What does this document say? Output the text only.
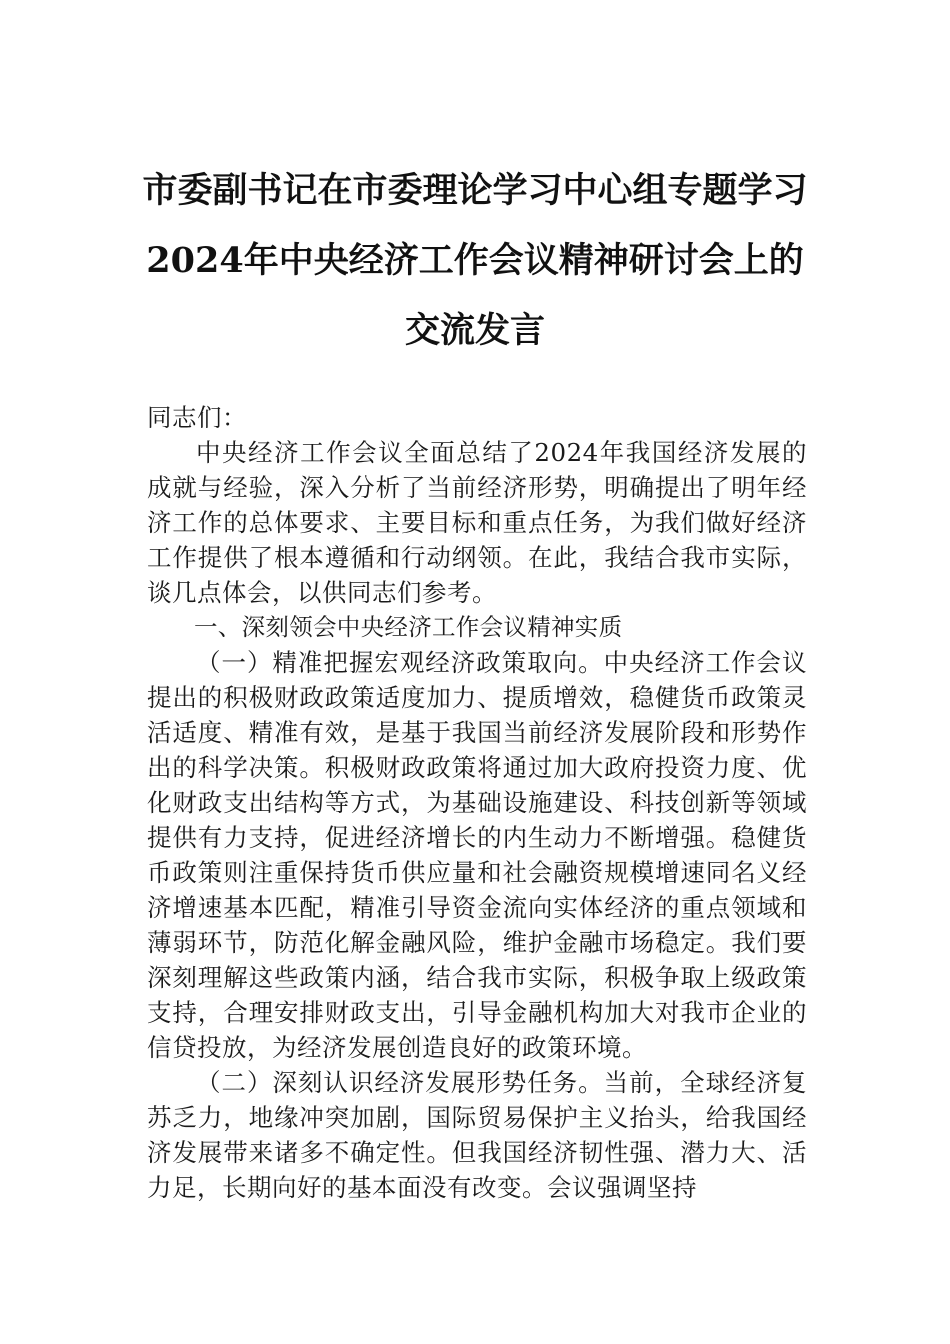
市委副书记在市委理论学习中心组专题学习2024年中央经济工作会议精神研讨会上的交流发言

同志们：

中央经济工作会议全面总结了2024年我国经济发展的成就与经验，深入分析了当前经济形势，明确提出了明年经济工作的总体要求、主要目标和重点任务，为我们做好经济工作提供了根本遵循和行动纲领。在此，我结合我市实际，谈几点体会，以供同志们参考。

一、深刻领会中央经济工作会议精神实质

（一）精准把握宏观经济政策取向。中央经济工作会议提出的积极财政政策适度加力、提质增效，稳健货币政策灵活适度、精准有效，是基于我国当前经济发展阶段和形势作出的科学决策。积极财政政策将通过加大政府投资力度、优化财政支出结构等方式，为基础设施建设、科技创新等领域提供有力支持，促进经济增长的内生动力不断增强。稳健货币政策则注重保持货币供应量和社会融资规模增速同名义经济增速基本匹配，精准引导资金流向实体经济的重点领域和薄弱环节，防范化解金融风险，维护金融市场稳定。我们要深刻理解这些政策内涵，结合我市实际，积极争取上级政策支持，合理安排财政支出，引导金融机构加大对我市企业的信贷投放，为经济发展创造良好的政策环境。

（二）深刻认识经济发展形势任务。当前，全球经济复苏乏力，地缘冲突加剧，国际贸易保护主义抬头，给我国经济发展带来诸多不确定性。但我国经济韧性强、潜力大、活力足，长期向好的基本面没有改变。会议强调坚持
